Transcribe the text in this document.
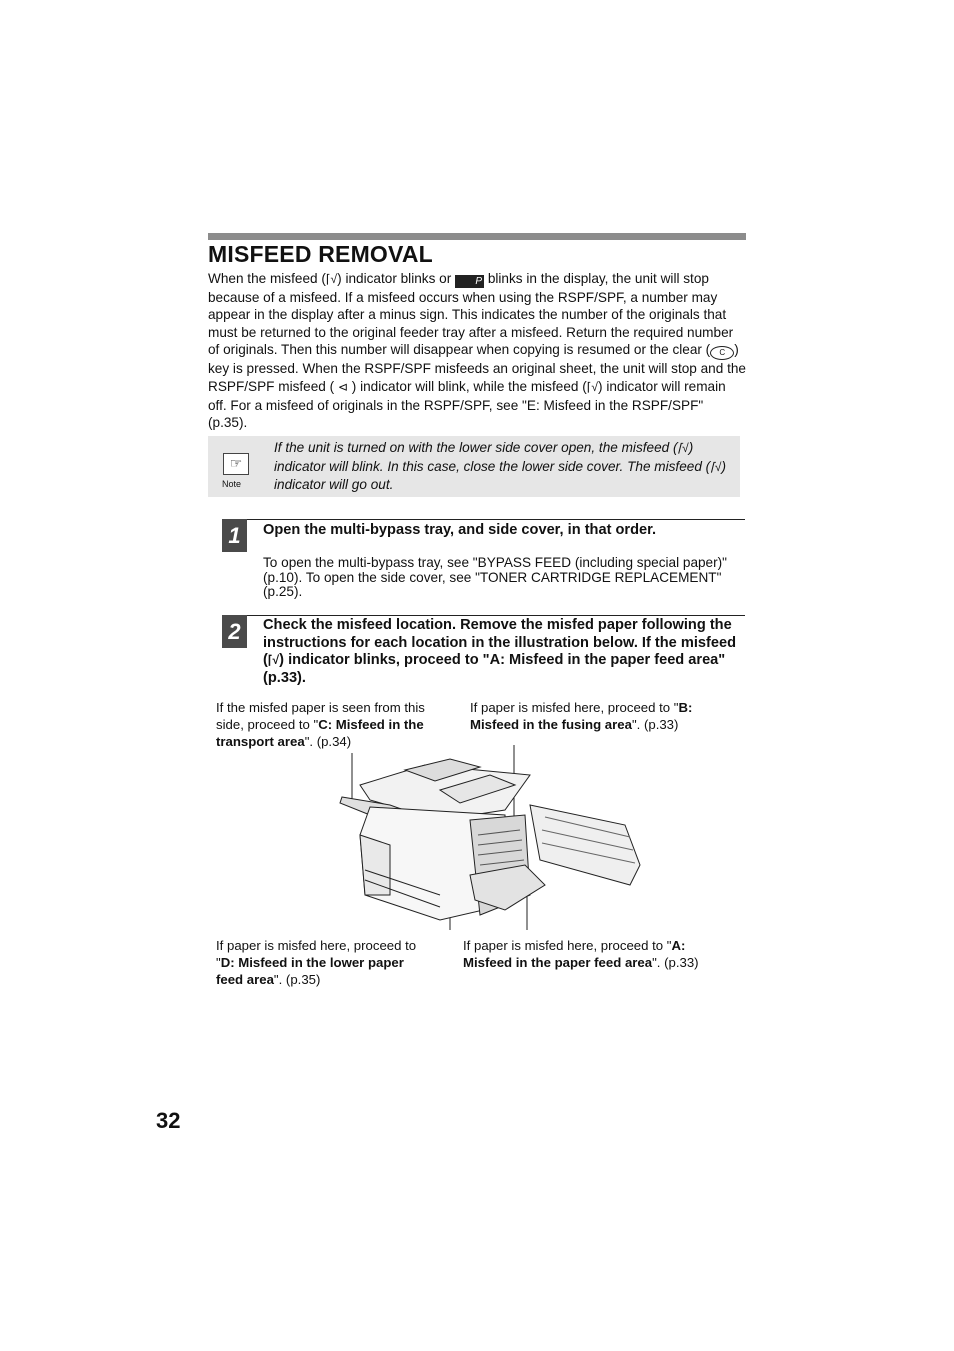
MISFEED REMOVAL
When the misfeed (⌈√) indicator blinks or P blinks in the display, the unit will stop because of a misfeed. If a misfeed occurs when using the RSPF/SPF, a number may appear in the display after a minus sign. This indicates the number of the originals that must be returned to the original feeder tray after a misfeed. Return the required number of originals. Then this number will disappear when copying is resumed or the clear ( C ) key is pressed. When the RSPF/SPF misfeeds an original sheet, the unit will stop and the RSPF/SPF misfeed ( ⊲ ) indicator will blink, while the misfeed (⌈√) indicator will remain off. For a misfeed of originals in the RSPF/SPF, see "E: Misfeed in the RSPF/SPF" (p.35).
☞
Note
If the unit is turned on with the lower side cover open, the misfeed (⌈√) indicator will blink. In this case, close the lower side cover. The misfeed (⌈√) indicator will go out.
1	Open the multi-bypass tray, and side cover, in that order.
To open the multi-bypass tray, see "BYPASS FEED (including special paper)" (p.10). To open the side cover, see "TONER CARTRIDGE REPLACEMENT" (p.25).
2	Check the misfeed location. Remove the misfed paper following the instructions for each location in the illustration below. If the misfeed (⌈√) indicator blinks, proceed to "A: Misfeed in the paper feed area" (p.33).
If the misfed paper is seen from this side, proceed to "C: Misfeed in the transport area". (p.34)
If paper is misfed here, proceed to "B: Misfeed in the fusing area". (p.33)
If paper is misfed here, proceed to "D: Misfeed in the lower paper feed area". (p.35)
If paper is misfed here, proceed to "A: Misfeed in the paper feed area". (p.33)
32
